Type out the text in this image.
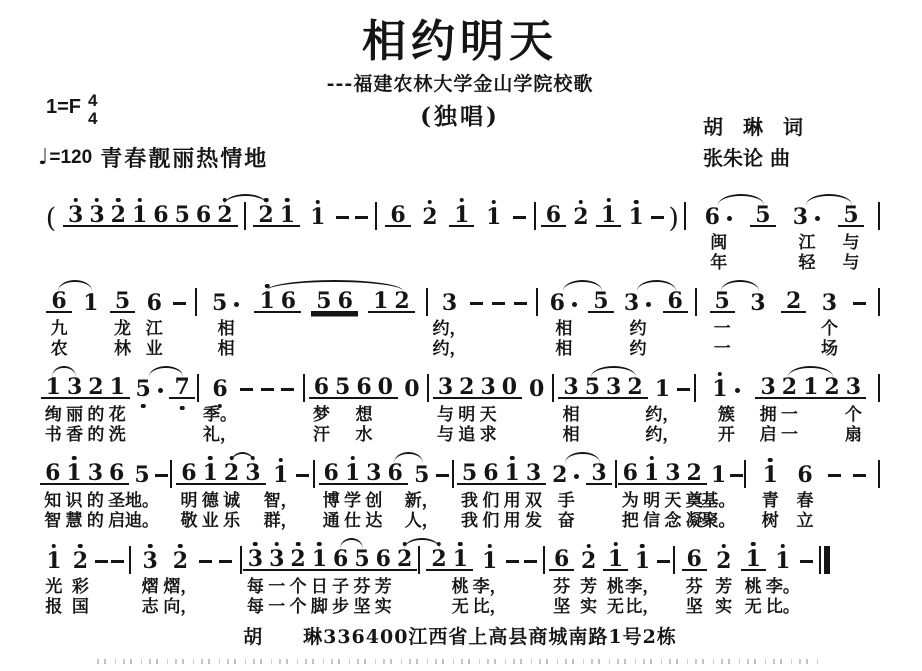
相约明天
---福建农林大学金山学院校歌
(独唱)
1=F 4
4
♩ =120 青春靓丽热情地
胡　琳　词
张朱论 曲
( 3 3 2 1 6 5 6 2 2 1 1	6 2 1 1 6 2 1 1 ) 6 5 3 5
闽	江 与
年	轻 与
6 1 5 6 5 1 6 5 6 1 2 3	6 5 3 6 5 3 2 3
九	龙 江	相	约，	相	约	一	个
农	林 业	相	约，	相	约	一	场
1 3 2 1 5 7 6	6 5 6 0 0 3 2 3 0 0 3 5 3 2 1 1 3 2 1 2 3
绚 丽 的 花	季。	梦 想	与 明 天	相	约， 簇 拥 一	个
书 香 的 洗	礼，	汗 水	与 追 求	相	约， 开 启 一	扇
6 1 3 6 5 6 1 2 3 1 6 1 3 6 5 5 6 1 3 2 3 6 1 3 2 1 1 6
知 识 的 圣 地。 明 德 诚 智， 博 学 创 新， 我 们 用 双 手	为 明 天 奠
基。 青 春
智 慧 的 启 迪。 敬 业 乐 群， 通 仕 达 人， 我 们 用 发 奋	把 信 念 凝
聚。 树 立
1 2 3 2	3 3 2 1 6 5 6 2 2 1 1	6 2 1 1 6 2 1 1
光 彩	熠 熠，	每 一 个 日 子 芬 芳	桃 李，	芬 芳 桃 李， 芬 芳 桃 李。
报 国	志 向，	每 一 个 脚 步 坚 实	无 比，	坚 实 无 比， 坚 实 无 比。
胡　　琳336400江西省上高县商城南路1号2栋
